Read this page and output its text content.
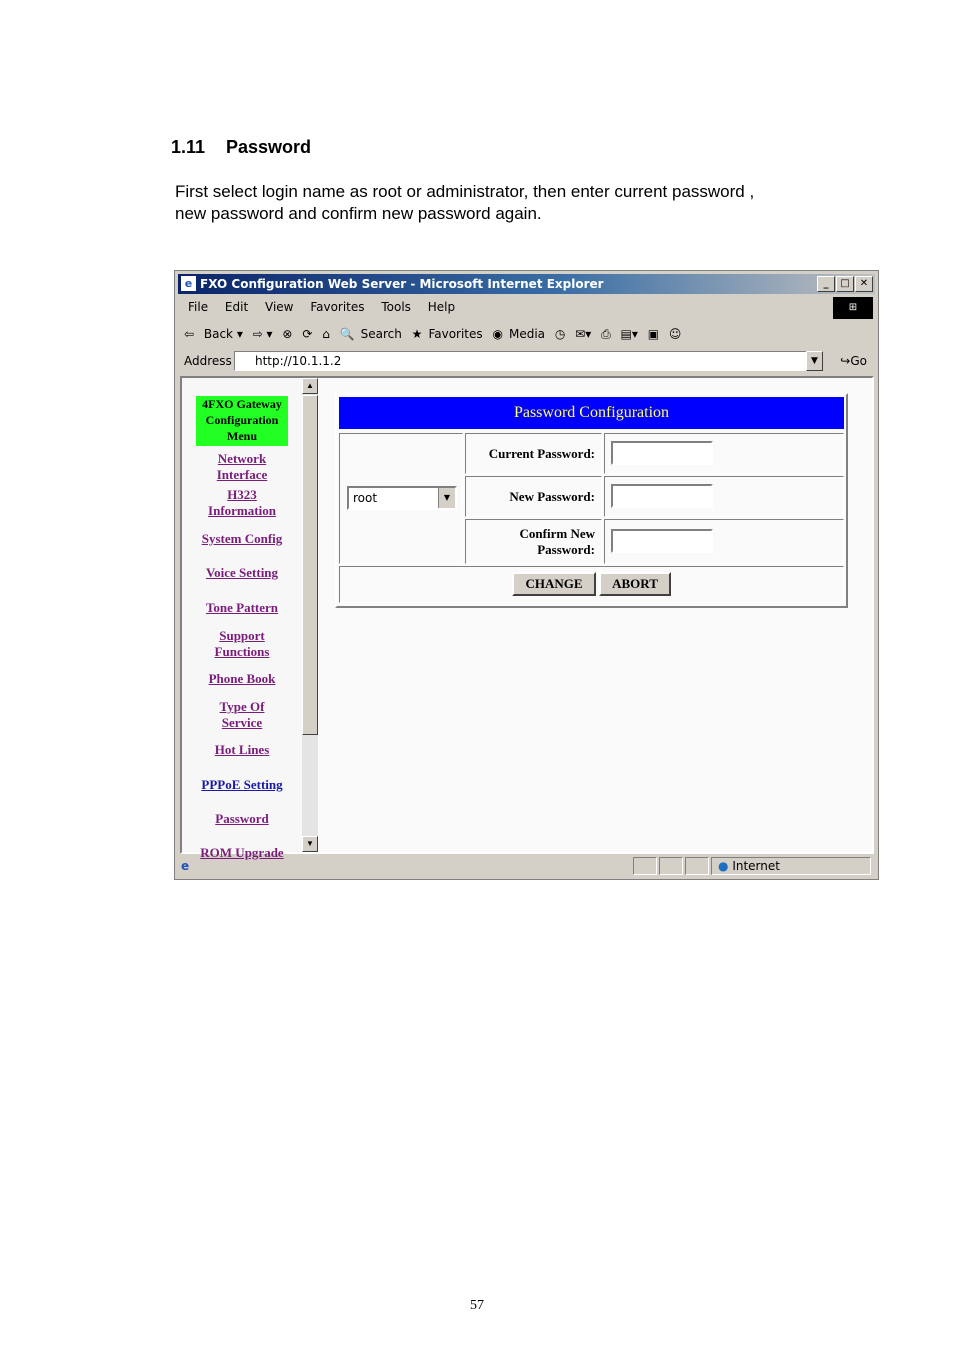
1.11 Password
First select login name as root or administrator, then enter current password ,
new password and confirm new password again.
e FXO Configuration Web Server - Microsoft Internet Explorer	_ □ ✕
File Edit View Favorites Tools Help	⊞
⇦ Back ▾ ⇨ ▾ ⊗ ⟳ ⌂ 🔍 Search ★ Favorites ◉ Media ◷ ✉▾ ⎙ ▤▾ ▣ ☺
Address	http://10.1.1.2	▼	↪Go
4FXO Gateway
Configuration
Menu
Network
Interface
H323
Information
System Config
Voice Setting
Tone Pattern
Support
Functions
Phone Book
Type Of
Service
Hot Lines
PPPoE Setting
Password
ROM Upgrade
▲
▼
Password Configuration
root	▼
Current Password:
New Password:
Confirm New
Password:
CHANGE	ABORT
e	● Internet
57
